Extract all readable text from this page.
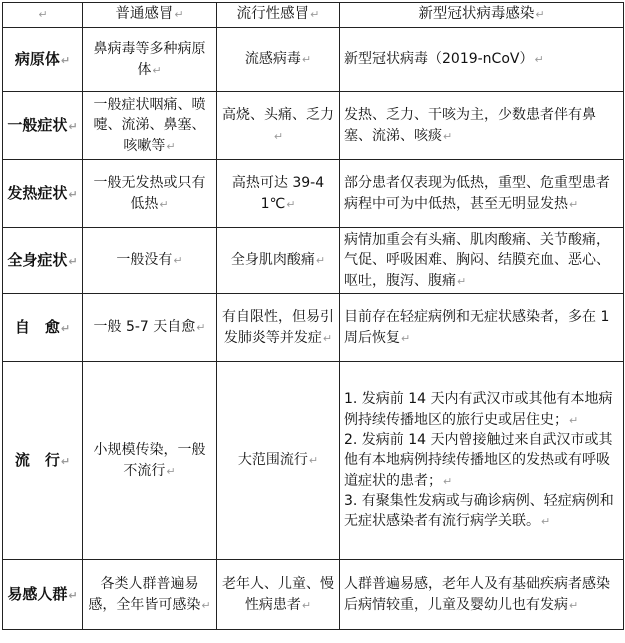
↵	普通感冒↵	流行性感冒↵	新型冠状病毒感染↵
病原体↵	鼻病毒等多种病原体↵	流感病毒↵	新型冠状病毒（2019-nCoV）↵
一般症状↵	一般症状咽痛、喷嚏、流涕、鼻塞、咳嗽等↵	高烧、头痛、乏力↵	发热、乏力、干咳为主，少数患者伴有鼻塞、流涕、咳痰↵
发热症状↵	一般无发热或只有低热↵	高热可达 39-41℃↵	部分患者仅表现为低热，重型、危重型患者病程中可为中低热，甚至无明显发热↵
全身症状↵	一般没有↵	全身肌肉酸痛↵	病情加重会有头痛、肌肉酸痛、关节酸痛，气促、呼吸困难、胸闷、结膜充血、恶心、呕吐，腹泻、腹痛↵
自　愈↵	一般 5-7 天自愈↵	有自限性，但易引发肺炎等并发症↵	目前存在轻症病例和无症状感染者，多在 1 周后恢复↵
流　行↵	小规模传染，一般不流行↵	大范围流行↵	1. 发病前 14 天内有武汉市或其他有本地病例持续传播地区的旅行史或居住史；↵
2. 发病前 14 天内曾接触过来自武汉市或其他有本地病例持续传播地区的发热或有呼吸道症状的患者；↵
3. 有聚集性发病或与确诊病例、轻症病例和无症状感染者有流行病学关联。↵

易感人群↵	各类人群普遍易感，全年皆可感染↵	老年人、儿童、慢性病患者↵	人群普遍易感，老年人及有基础疾病者感染后病情较重，儿童及婴幼儿也有发病↵
